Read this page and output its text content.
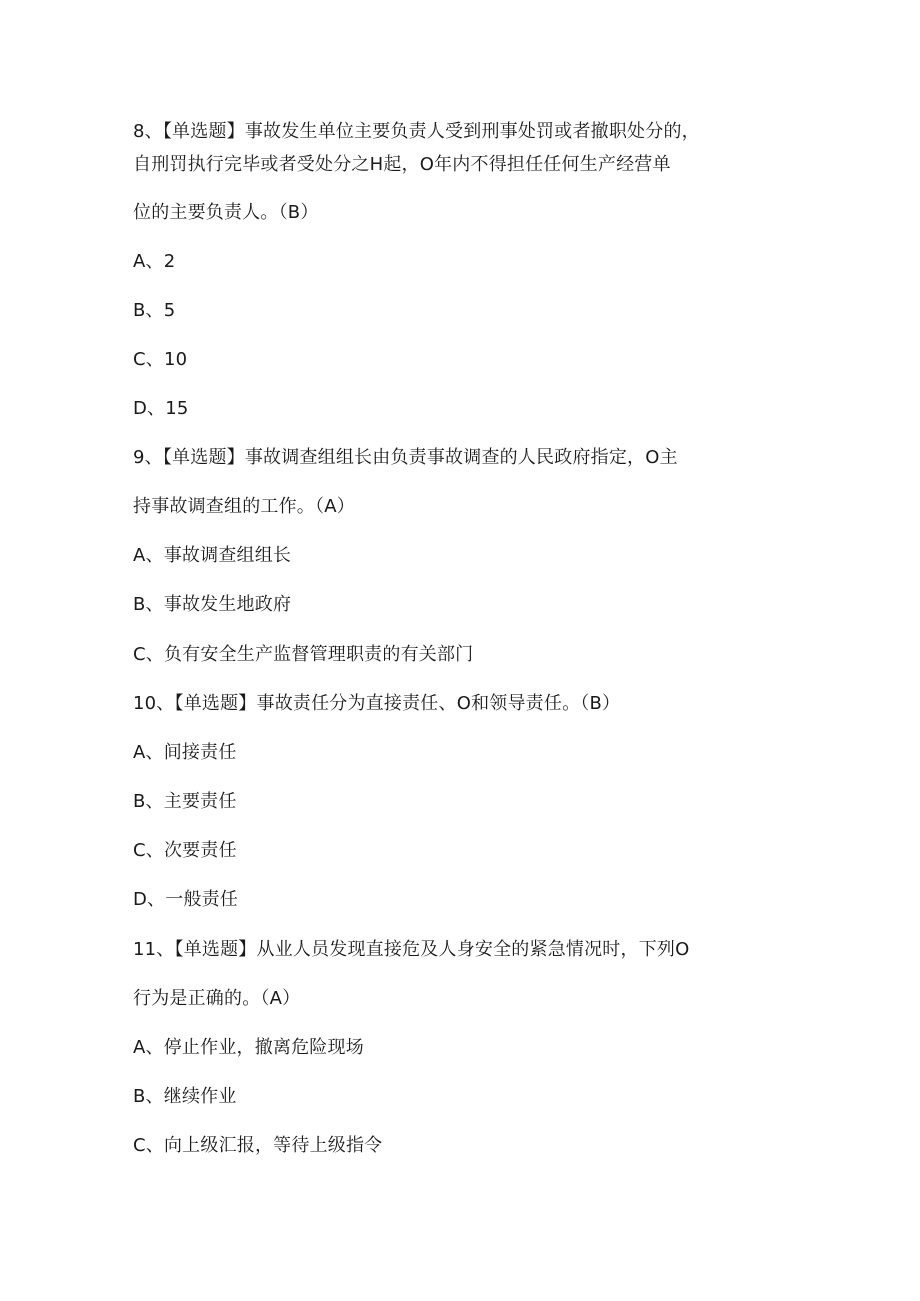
8、【单选题】事故发生单位主要负责人受到刑事处罚或者撤职处分的，
自刑罚执行完毕或者受处分之H起，O年内不得担任任何生产经营单
位的主要负责人。（B）
A、2
B、5
C、10
D、15
9、【单选题】事故调查组组长由负责事故调查的人民政府指定，O主
持事故调查组的工作。（A）
A、事故调查组组长
B、事故发生地政府
C、负有安全生产监督管理职责的有关部门
10、【单选题】事故责任分为直接责任、O和领导责任。（B）
A、间接责任
B、主要责任
C、次要责任
D、一般责任
11、【单选题】从业人员发现直接危及人身安全的紧急情况时，下列O
行为是正确的。（A）
A、停止作业，撤离危险现场
B、继续作业
C、向上级汇报，等待上级指令
